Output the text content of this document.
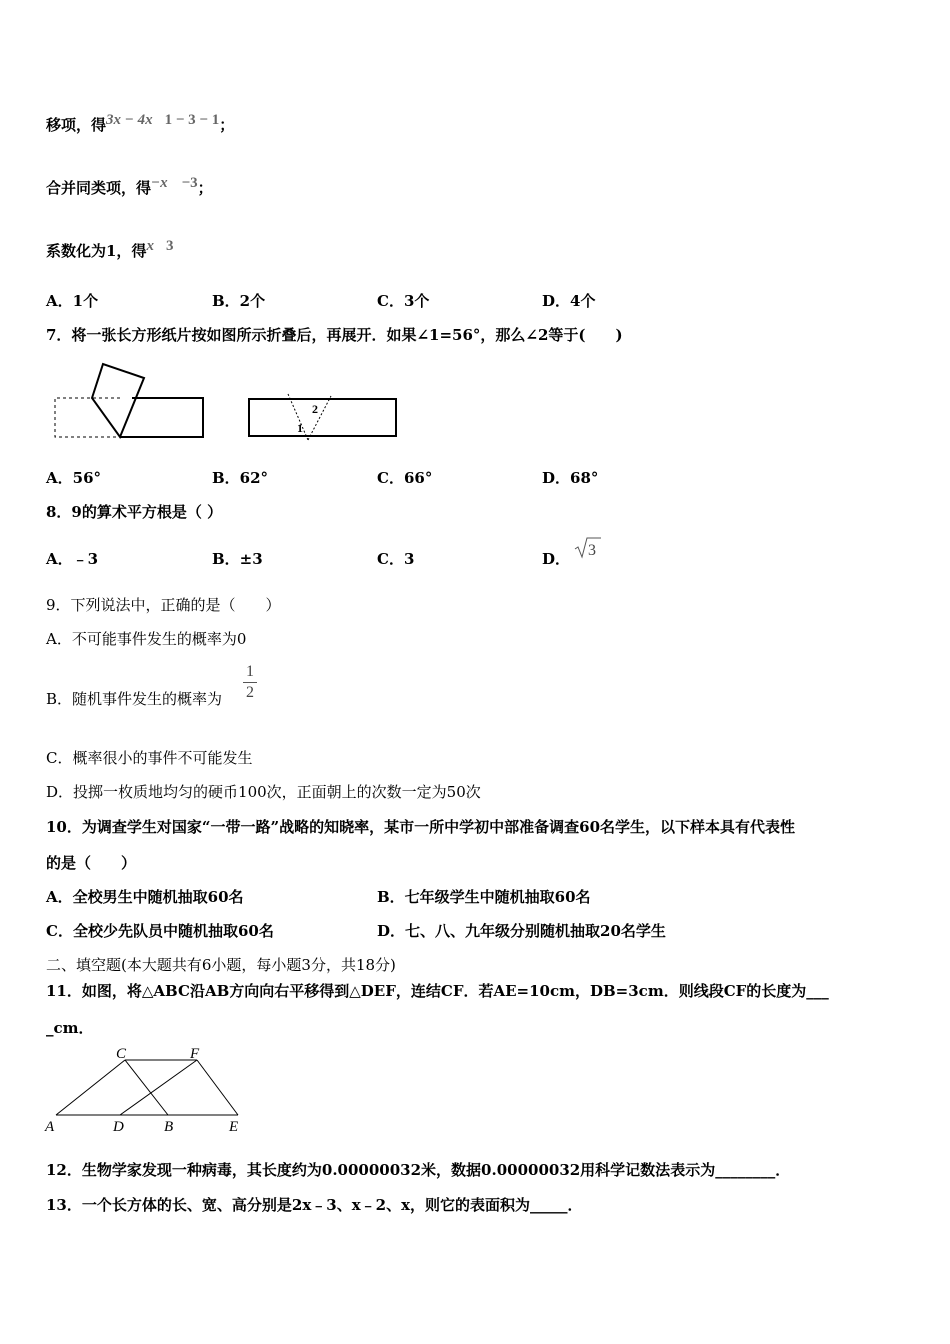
移项，得3x − 4x 1 − 3 − 1；
合并同类项，得−x −3；
系数化为1，得x 3
A．1个	B．2个	C．3个	D．4个
7．将一张长方形纸片按如图所示折叠后，再展开．如果∠1=56°，那么∠2等于(　　)
2
1
A．56°	B．62°	C．66°	D．68°
8．9的算术平方根是（ ）
A．﹣3	B．±3	C．3	D． 3
9．下列说法中，正确的是（　　）
A．不可能事件发生的概率为0
B．随机事件发生的概率为
1
2
C．概率很小的事件不可能发生
D．投掷一枚质地均匀的硬币100次，正面朝上的次数一定为50次
10．为调查学生对国家“一带一路”战略的知晓率，某市一所中学初中部准备调查60名学生，以下样本具有代表性
的是（　　）
A．全校男生中随机抽取60名	B．七年级学生中随机抽取60名
C．全校少先队员中随机抽取60名	D．七、八、九年级分别随机抽取20名学生
二、填空题(本大题共有6小题，每小题3分，共18分)
11．如图，将△ABC沿AB方向向右平移得到△DEF，连结CF．若AE=10cm，DB=3cm．则线段CF的长度为___
_cm．
C	F
A	D	B	E
12．生物学家发现一种病毒，其长度约为0.00000032米，数据0.00000032用科学记数法表示为________．
13．一个长方体的长、宽、高分别是2x﹣3、x﹣2、x，则它的表面积为_____．
